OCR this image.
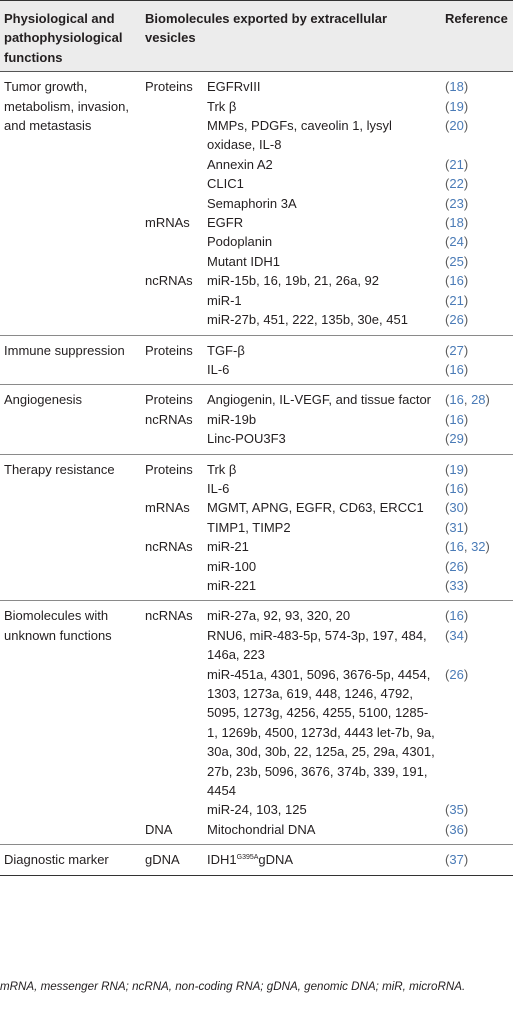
Physiological and pathophysiological functions	Biomolecules exported by extracellular vesicles		Reference
Tumor growth, metabolism, invasion, and metastasis	Proteins	EGFRvIII	(18)
		Trk β	(19)
		MMPs, PDGFs, caveolin 1, lysyl oxidase, IL-8	(20)
		Annexin A2	(21)
		CLIC1	(22)
		Semaphorin 3A	(23)
	mRNAs	EGFR	(18)
		Podoplanin	(24)
		Mutant IDH1	(25)
	ncRNAs	miR-15b, 16, 19b, 21, 26a, 92	(16)
		miR-1	(21)
		miR-27b, 451, 222, 135b, 30e, 451	(26)
Immune suppression	Proteins	TGF-β	(27)
		IL-6	(16)
Angiogenesis	Proteins	Angiogenin, IL-VEGF, and tissue factor	(16, 28)
	ncRNAs	miR-19b	(16)
		Linc-POU3F3	(29)
Therapy resistance	Proteins	Trk β	(19)
		IL-6	(16)
	mRNAs	MGMT, APNG, EGFR, CD63, ERCC1	(30)
		TIMP1, TIMP2	(31)
	ncRNAs	miR-21	(16, 32)
		miR-100	(26)
		miR-221	(33)
Biomolecules with unknown functions	ncRNAs	miR-27a, 92, 93, 320, 20	(16)
		RNU6, miR-483-5p, 574-3p, 197, 484, 146a, 223	(34)
		miR-451a, 4301, 5096, 3676-5p, 4454, 1303, 1273a, 619, 448, 1246, 4792, 5095, 1273g, 4256, 4255, 5100, 1285-1, 1269b, 4500, 1273d, 4443 let-7b, 9a, 30a, 30d, 30b, 22, 125a, 25, 29a, 4301, 27b, 23b, 5096, 3676, 374b, 339, 191, 4454	(26)
		miR-24, 103, 125	(35)
	DNA	Mitochondrial DNA	(36)
Diagnostic marker	gDNA	$IDH1^{G395A}gDNA$	(37)
mRNA, messenger RNA; ncRNA, non-coding RNA; gDNA, genomic DNA; miR, microRNA.
